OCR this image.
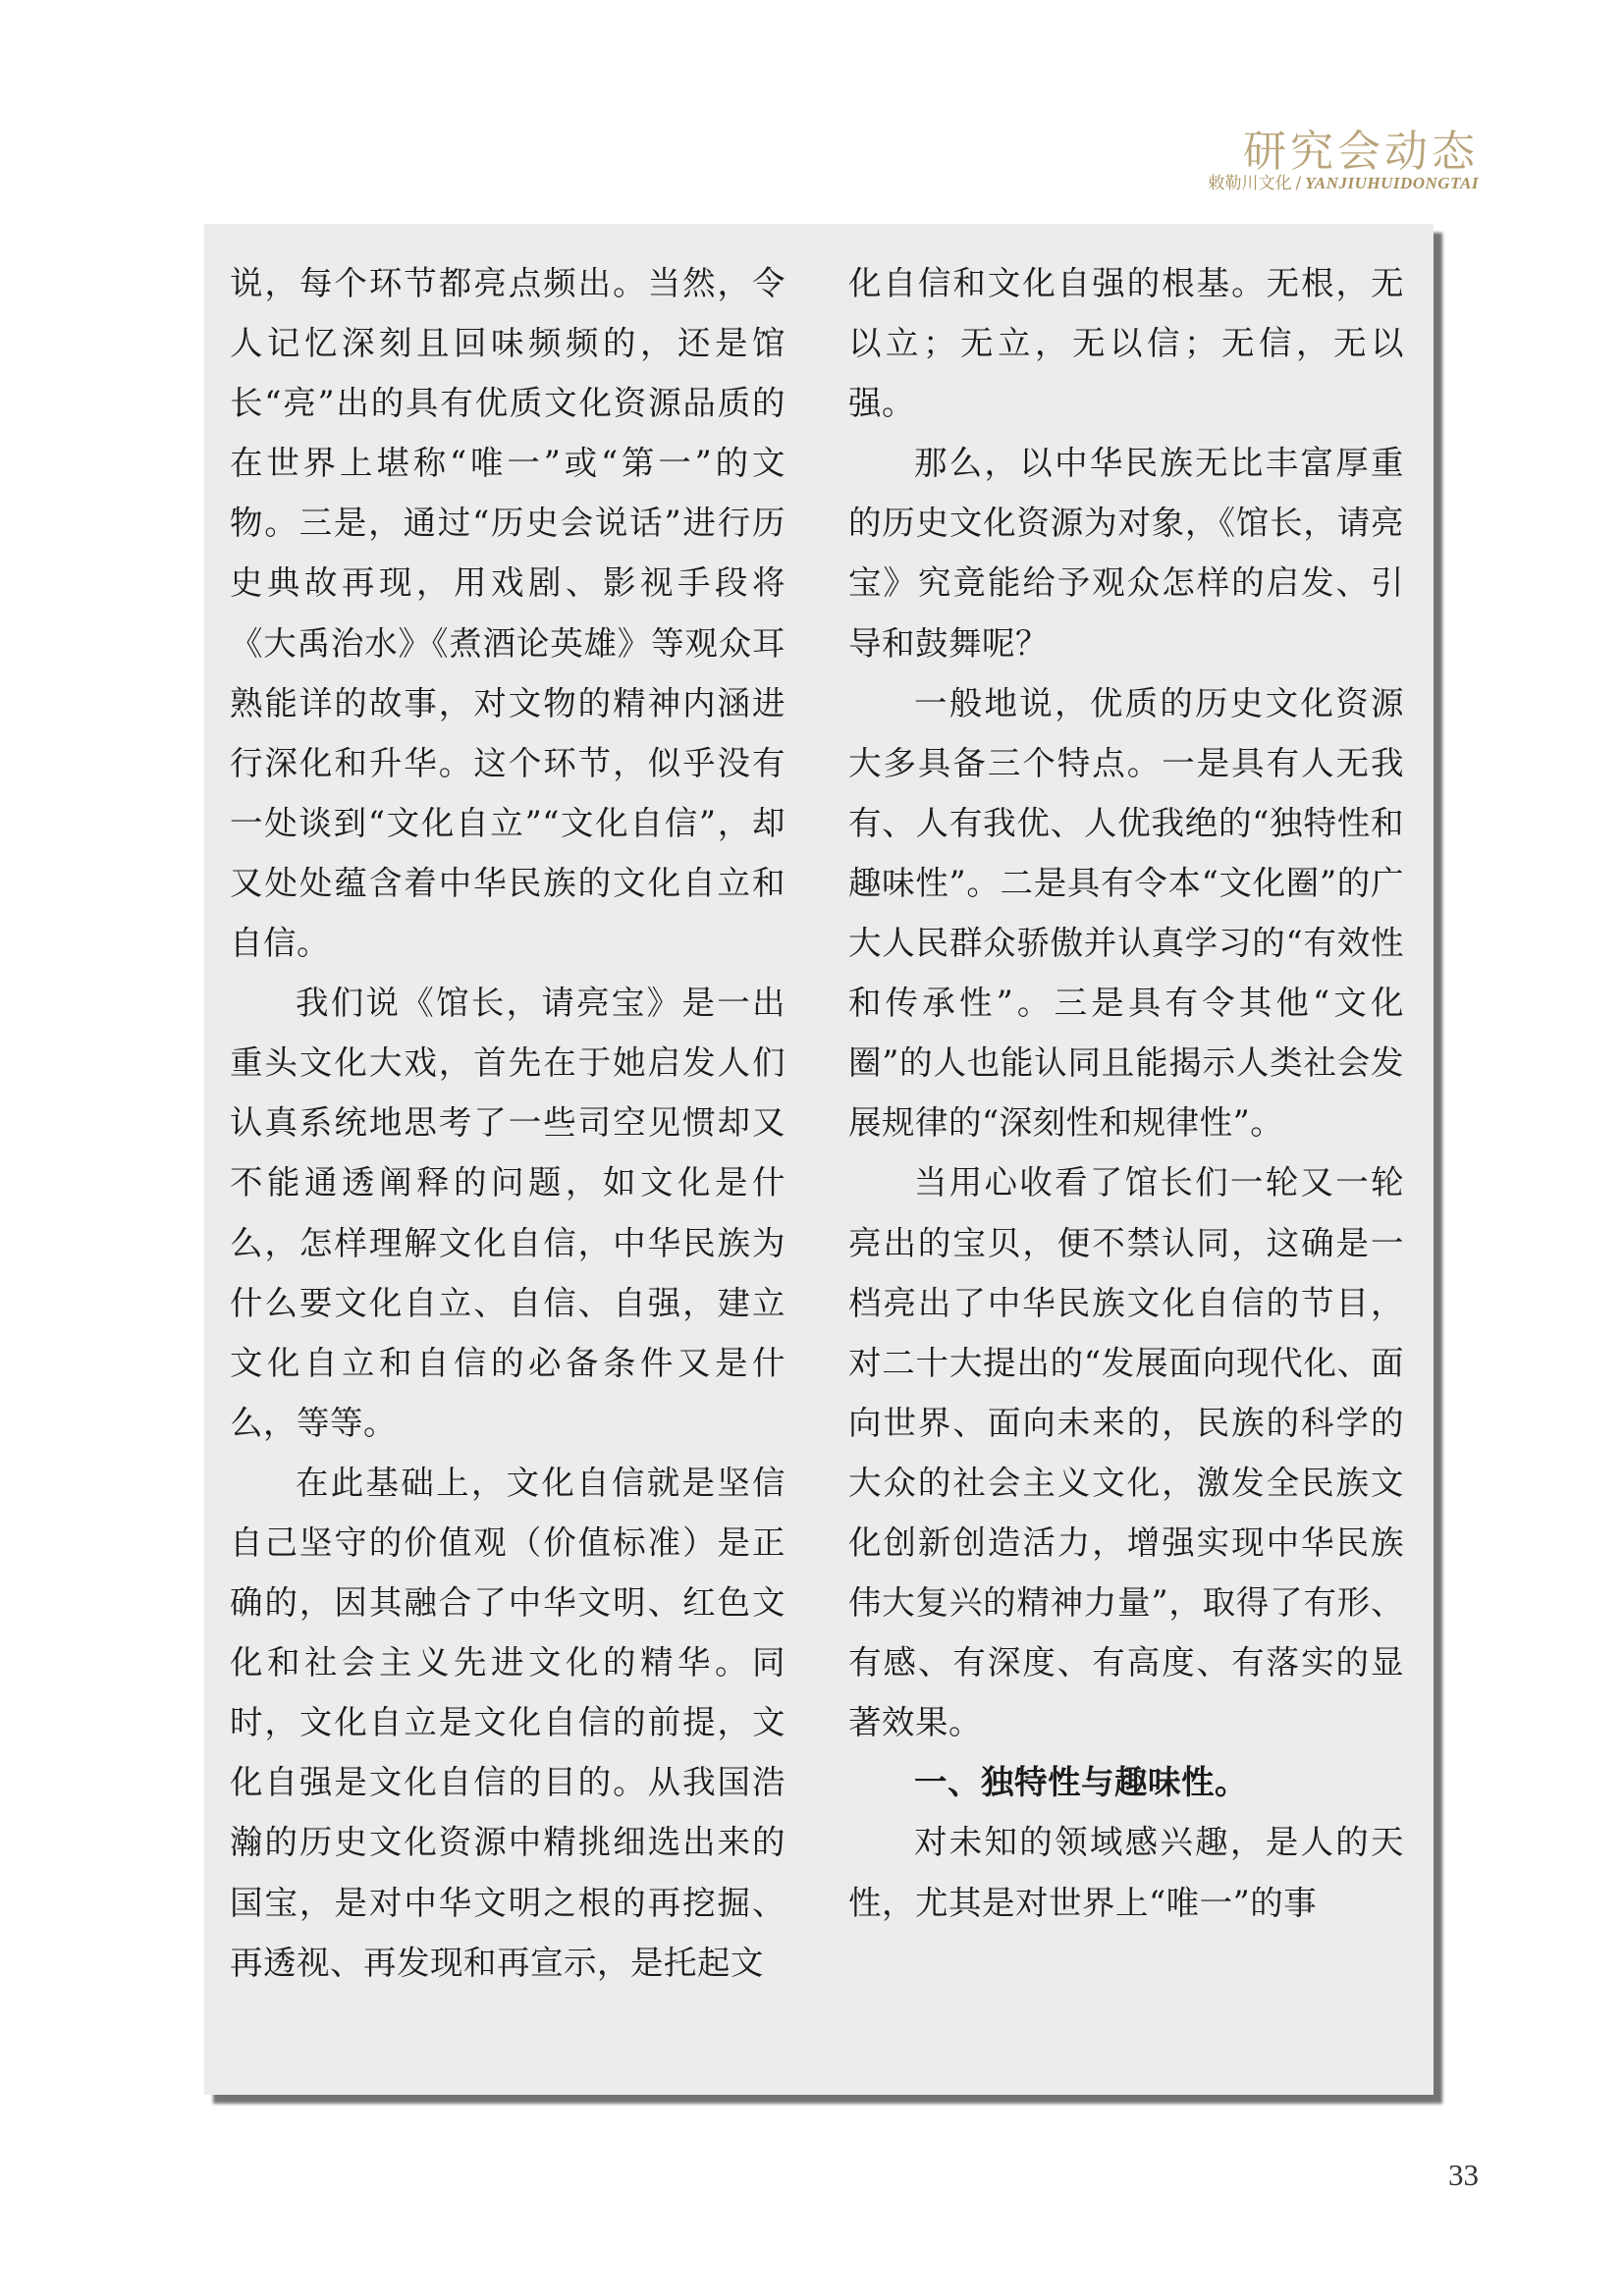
研究会动态
敕勒川文化 / YANJIUHUIDONGTAI

说，每个环节都亮点频出。当然，令人记忆深刻且回味频频的，还是馆长“亮”出的具有优质文化资源品质的在世界上堪称“唯一”或“第一”的文物。三是，通过“历史会说话”进行历史典故再现，用戏剧、影视手段将《大禹治水》《煮酒论英雄》等观众耳熟能详的故事，对文物的精神内涵进行深化和升华。这个环节，似乎没有一处谈到“文化自立”“文化自信”，却又处处蕴含着中华民族的文化自立和自信。

我们说《馆长，请亮宝》是一出重头文化大戏，首先在于她启发人们认真系统地思考了一些司空见惯却又不能通透阐释的问题，如文化是什么，怎样理解文化自信，中华民族为什么要文化自立、自信、自强，建立文化自立和自信的必备条件又是什么，等等。

在此基础上，文化自信就是坚信自己坚守的价值观（价值标准）是正确的，因其融合了中华文明、红色文化和社会主义先进文化的精华。同时，文化自立是文化自信的前提，文化自强是文化自信的目的。从我国浩瀚的历史文化资源中精挑细选出来的国宝，是对中华文明之根的再挖掘、再透视、再发现和再宣示，是托起文

化自信和文化自强的根基。无根，无以立；无立，无以信；无信，无以强。

那么，以中华民族无比丰富厚重的历史文化资源为对象，《馆长，请亮宝》究竟能给予观众怎样的启发、引导和鼓舞呢？

一般地说，优质的历史文化资源大多具备三个特点。一是具有人无我有、人有我优、人优我绝的“独特性和趣味性”。二是具有令本“文化圈”的广大人民群众骄傲并认真学习的“有效性和传承性”。三是具有令其他“文化圈”的人也能认同且能揭示人类社会发展规律的“深刻性和规律性”。

当用心收看了馆长们一轮又一轮亮出的宝贝，便不禁认同，这确是一档亮出了中华民族文化自信的节目，对二十大提出的“发展面向现代化、面向世界、面向未来的，民族的科学的大众的社会主义文化，激发全民族文化创新创造活力，增强实现中华民族伟大复兴的精神力量”，取得了有形、有感、有深度、有高度、有落实的显著效果。

一、独特性与趣味性。

对未知的领域感兴趣，是人的天性，尤其是对世界上“唯一”的事

33
